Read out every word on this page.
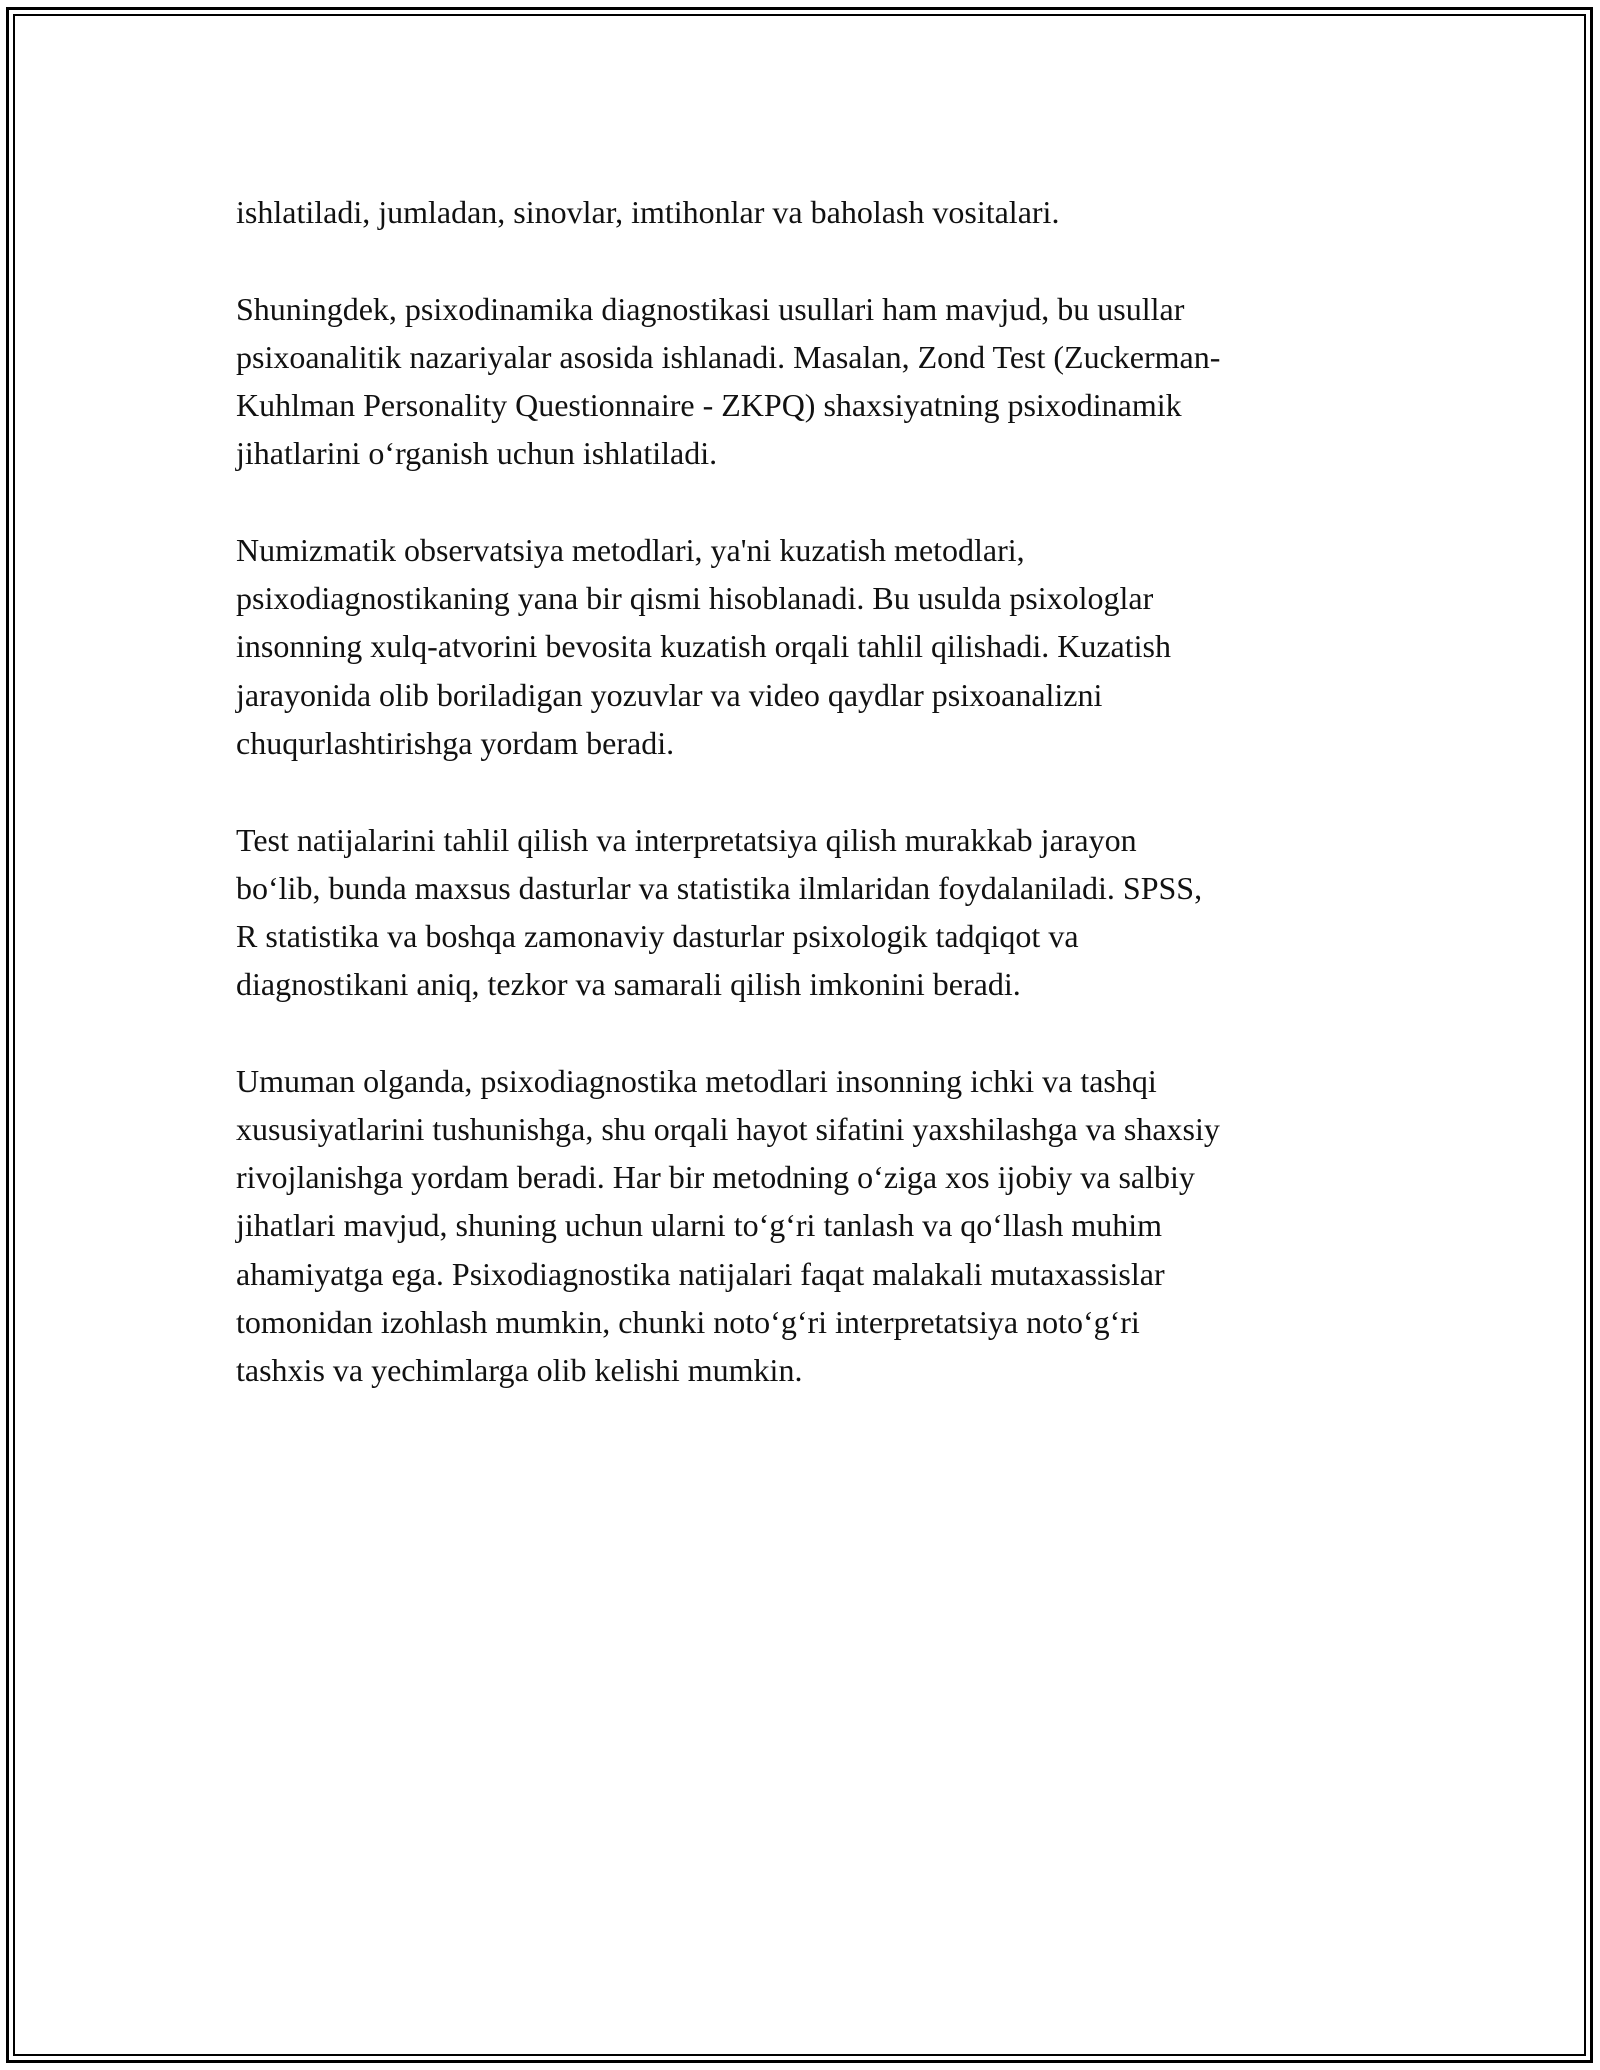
ishlatiladi, jumladan, sinovlar, imtihonlar va baholash vositalari.

Shuningdek, psixodinamika diagnostikasi usullari ham mavjud, bu usullar
psixoanalitik nazariyalar asosida ishlanadi. Masalan, Zond Test (Zuckerman-
Kuhlman Personality Questionnaire - ZKPQ) shaxsiyatning psixodinamik
jihatlarini o‘rganish uchun ishlatiladi.

Numizmatik observatsiya metodlari, ya'ni kuzatish metodlari,
psixodiagnostikaning yana bir qismi hisoblanadi. Bu usulda psixologlar
insonning xulq-atvorini bevosita kuzatish orqali tahlil qilishadi. Kuzatish
jarayonida olib boriladigan yozuvlar va video qaydlar psixoanalizni
chuqurlashtirishga yordam beradi.

Test natijalarini tahlil qilish va interpretatsiya qilish murakkab jarayon
bo‘lib, bunda maxsus dasturlar va statistika ilmlaridan foydalaniladi. SPSS,
R statistika va boshqa zamonaviy dasturlar psixologik tadqiqot va
diagnostikani aniq, tezkor va samarali qilish imkonini beradi.

Umuman olganda, psixodiagnostika metodlari insonning ichki va tashqi
xususiyatlarini tushunishga, shu orqali hayot sifatini yaxshilashga va shaxsiy
rivojlanishga yordam beradi. Har bir metodning o‘ziga xos ijobiy va salbiy
jihatlari mavjud, shuning uchun ularni to‘g‘ri tanlash va qo‘llash muhim
ahamiyatga ega. Psixodiagnostika natijalari faqat malakali mutaxassislar
tomonidan izohlash mumkin, chunki noto‘g‘ri interpretatsiya noto‘g‘ri
tashxis va yechimlarga olib kelishi mumkin.
